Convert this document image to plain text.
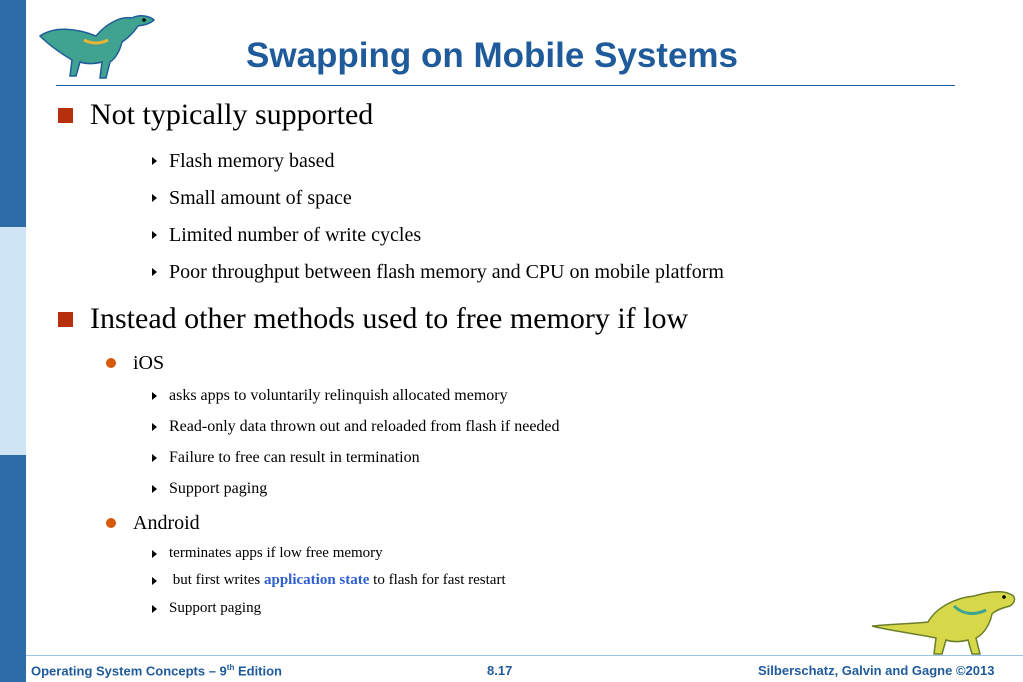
Swapping on Mobile Systems
Not typically supported
Flash memory based
Small amount of space
Limited number of write cycles
Poor throughput between flash memory and CPU on mobile platform
Instead other methods used to free memory if low
iOS
asks apps to voluntarily relinquish allocated memory
Read-only data thrown out and reloaded from flash if needed
Failure to free can result in termination
Support paging
Android
terminates apps if low free memory
but first writes application state to flash for fast restart
Support paging
Operating System Concepts – 9th Edition	8.17	Silberschatz, Galvin and Gagne ©2013
